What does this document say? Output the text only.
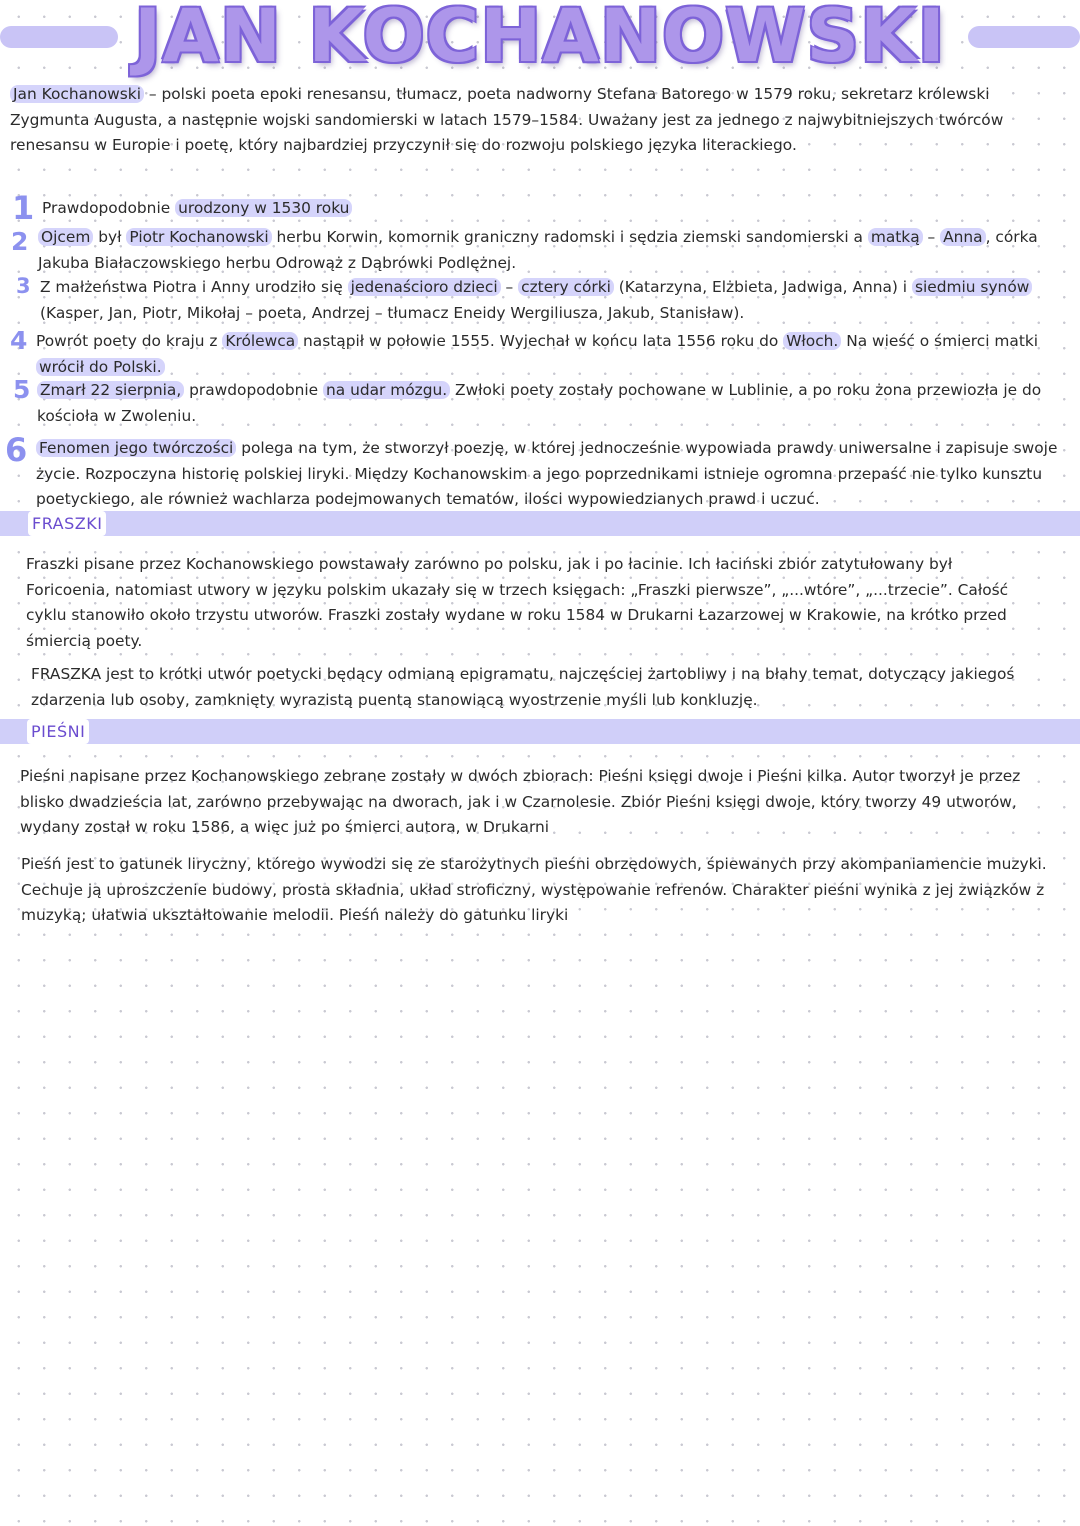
JAN KOCHANOWSKI

Jan Kochanowski – polski poeta epoki renesansu, tłumacz, poeta nadworny Stefana Batorego w 1579 roku, sekretarz królewski Zygmunta Augusta, a następnie wojski sandomierski w latach 1579–1584. Uważany jest za jednego z najwybitniejszych twórców renesansu w Europie i poetę, który najbardziej przyczynił się do rozwoju polskiego języka literackiego.

1 Prawdopodobnie urodzony w 1530 roku

2 Ojcem był Piotr Kochanowski herbu Korwin, komornik graniczny radomski i sędzia ziemski sandomierski a matką – Anna , córka Jakuba Białaczowskiego herbu Odrowąż z Dąbrówki Podlężnej.

3 Z małżeństwa Piotra i Anny urodziło się jedenaścioro dzieci – cztery córki (Katarzyna, Elżbieta, Jadwiga, Anna) i siedmiu synów (Kasper, Jan, Piotr, Mikołaj – poeta, Andrzej – tłumacz Eneidy Wergiliusza, Jakub, Stanisław).

4 Powrót poety do kraju z Królewca nastąpił w połowie 1555. Wyjechał w końcu lata 1556 roku do Włoch. Na wieść o śmierci matki wrócił do Polski.

5 Zmarł 22 sierpnia, prawdopodobnie na udar mózgu. Zwłoki poety zostały pochowane w Lublinie, a po roku żona przewiozła je do kościoła w Zwoleniu.

6 Fenomen jego twórczości polega na tym, że stworzył poezję, w której jednocześnie wypowiada prawdy uniwersalne i zapisuje swoje życie. Rozpoczyna historię polskiej liryki. Między Kochanowskim a jego poprzednikami istnieje ogromna przepaść nie tylko kunsztu poetyckiego, ale również wachlarza podejmowanych tematów, ilości wypowiedzianych prawd i uczuć.

FRASZKI

Fraszki pisane przez Kochanowskiego powstawały zarówno po polsku, jak i po łacinie. Ich łaciński zbiór zatytułowany był Foricoenia, natomiast utwory w języku polskim ukazały się w trzech księgach: „Fraszki pierwsze”, „...wtóre”, „...trzecie”. Całość cyklu stanowiło około trzystu utworów. Fraszki zostały wydane w roku 1584 w Drukarni Łazarzowej w Krakowie, na krótko przed śmiercią poety.

FRASZKA jest to krótki utwór poetycki będący odmianą epigramatu, najczęściej żartobliwy i na błahy temat, dotyczący jakiegoś zdarzenia lub osoby, zamknięty wyrazistą puentą stanowiącą wyostrzenie myśli lub konkluzję.

PIEŚNI

Pieśni napisane przez Kochanowskiego zebrane zostały w dwóch zbiorach: Pieśni księgi dwoje i Pieśni kilka. Autor tworzył je przez blisko dwadzieścia lat, zarówno przebywając na dworach, jak i w Czarnolesie. Zbiór Pieśni księgi dwoje, który tworzy 49 utworów, wydany został w roku 1586, a więc już po śmierci autora, w Drukarni

Pieśń jest to gatunek liryczny, którego wywodzi się ze starożytnych pieśni obrzędowych, śpiewanych przy akompaniamencie muzyki. Cechuje ją uproszczenie budowy, prosta składnia, układ stroficzny, występowanie refrenów. Charakter pieśni wynika z jej związków z muzyką; ułatwia ukształtowanie melodii. Pieśń należy do gatunku liryki
